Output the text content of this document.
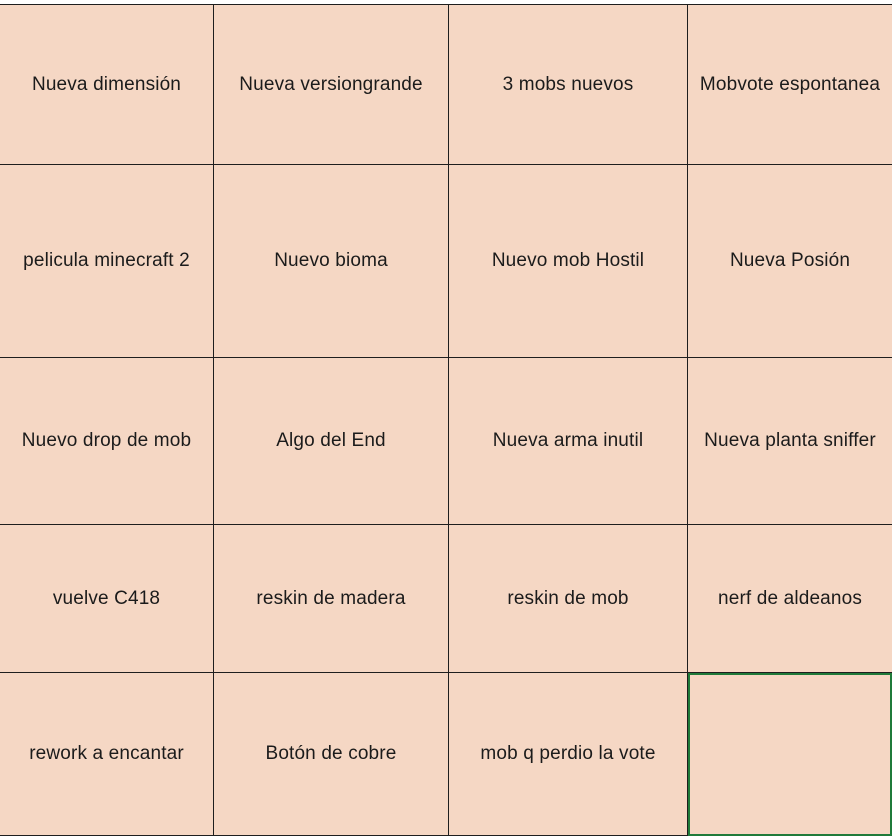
Nueva dimensión	Nueva versiongrande	3 mobs nuevos	Mobvote espontanea
pelicula minecraft 2	Nuevo bioma	Nuevo mob Hostil	Nueva Posión
Nuevo drop de mob	Algo del End	Nueva arma inutil	Nueva planta sniffer
vuelve C418	reskin de madera	reskin de mob	nerf de aldeanos
rework a encantar	Botón de cobre	mob q perdio la vote
